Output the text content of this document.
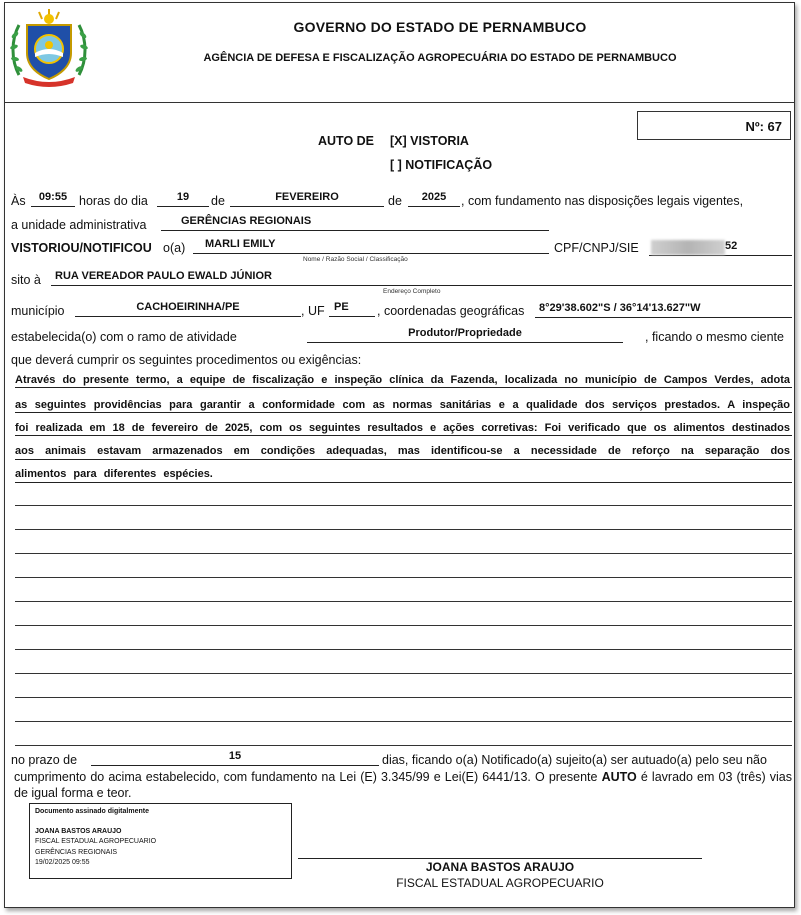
GOVERNO DO ESTADO DE PERNAMBUCO
AGÊNCIA DE DEFESA E FISCALIZAÇÃO AGROPECUÁRIA DO ESTADO DE PERNAMBUCO
Nº: 67
AUTO DE [X] VISTORIA
[ ] NOTIFICAÇÃO
Às	09:55 horas do dia	19	de	FEVEREIRO	de	2025	, com fundamento nas disposições legais vigentes,
a unidade administrativa	GERÊNCIAS REGIONAIS
VISTORIOU/NOTIFICOU o(a)	MARLI EMILY
Nome / Razão Social / Classificação
CPF/CNPJ/SIE	52
sito à	RUA VEREADOR PAULO EWALD JÚNIOR
Endereço Completo
município	CACHOEIRINHA/PE	, UF PE	, coordenadas geográficas	8°29'38.602"S / 36°14'13.627"W
estabelecida(o) com o ramo de atividade	Produtor/Propriedade	, ficando o mesmo ciente
que deverá cumprir os seguintes procedimentos ou exigências:
Através do presente termo, a equipe de fiscalização e inspeção clínica da Fazenda, localizada no município de Campos Verdes, adota
as seguintes providências para garantir a conformidade com as normas sanitárias e a qualidade dos serviços prestados. A inspeção
foi realizada em 18 de fevereiro de 2025, com os seguintes resultados e ações corretivas: Foi verificado que os alimentos destinados
aos animais estavam armazenados em condições adequadas, mas identificou-se a necessidade de reforço na separação dos
alimentos para diferentes espécies.
no prazo de	15	dias, ficando o(a) Notificado(a) sujeito(a) ser autuado(a) pelo seu não
cumprimento do acima estabelecido, com fundamento na Lei (E) 3.345/99 e Lei(E) 6441/13. O presente AUTO é lavrado em 03 (três) vias de igual forma e teor.
Documento assinado digitalmente
JOANA BASTOS ARAUJO
FISCAL ESTADUAL AGROPECUARIO
GERÊNCIAS REGIONAIS
19/02/2025 09:55	JOANA BASTOS ARAUJO
FISCAL ESTADUAL AGROPECUARIO
